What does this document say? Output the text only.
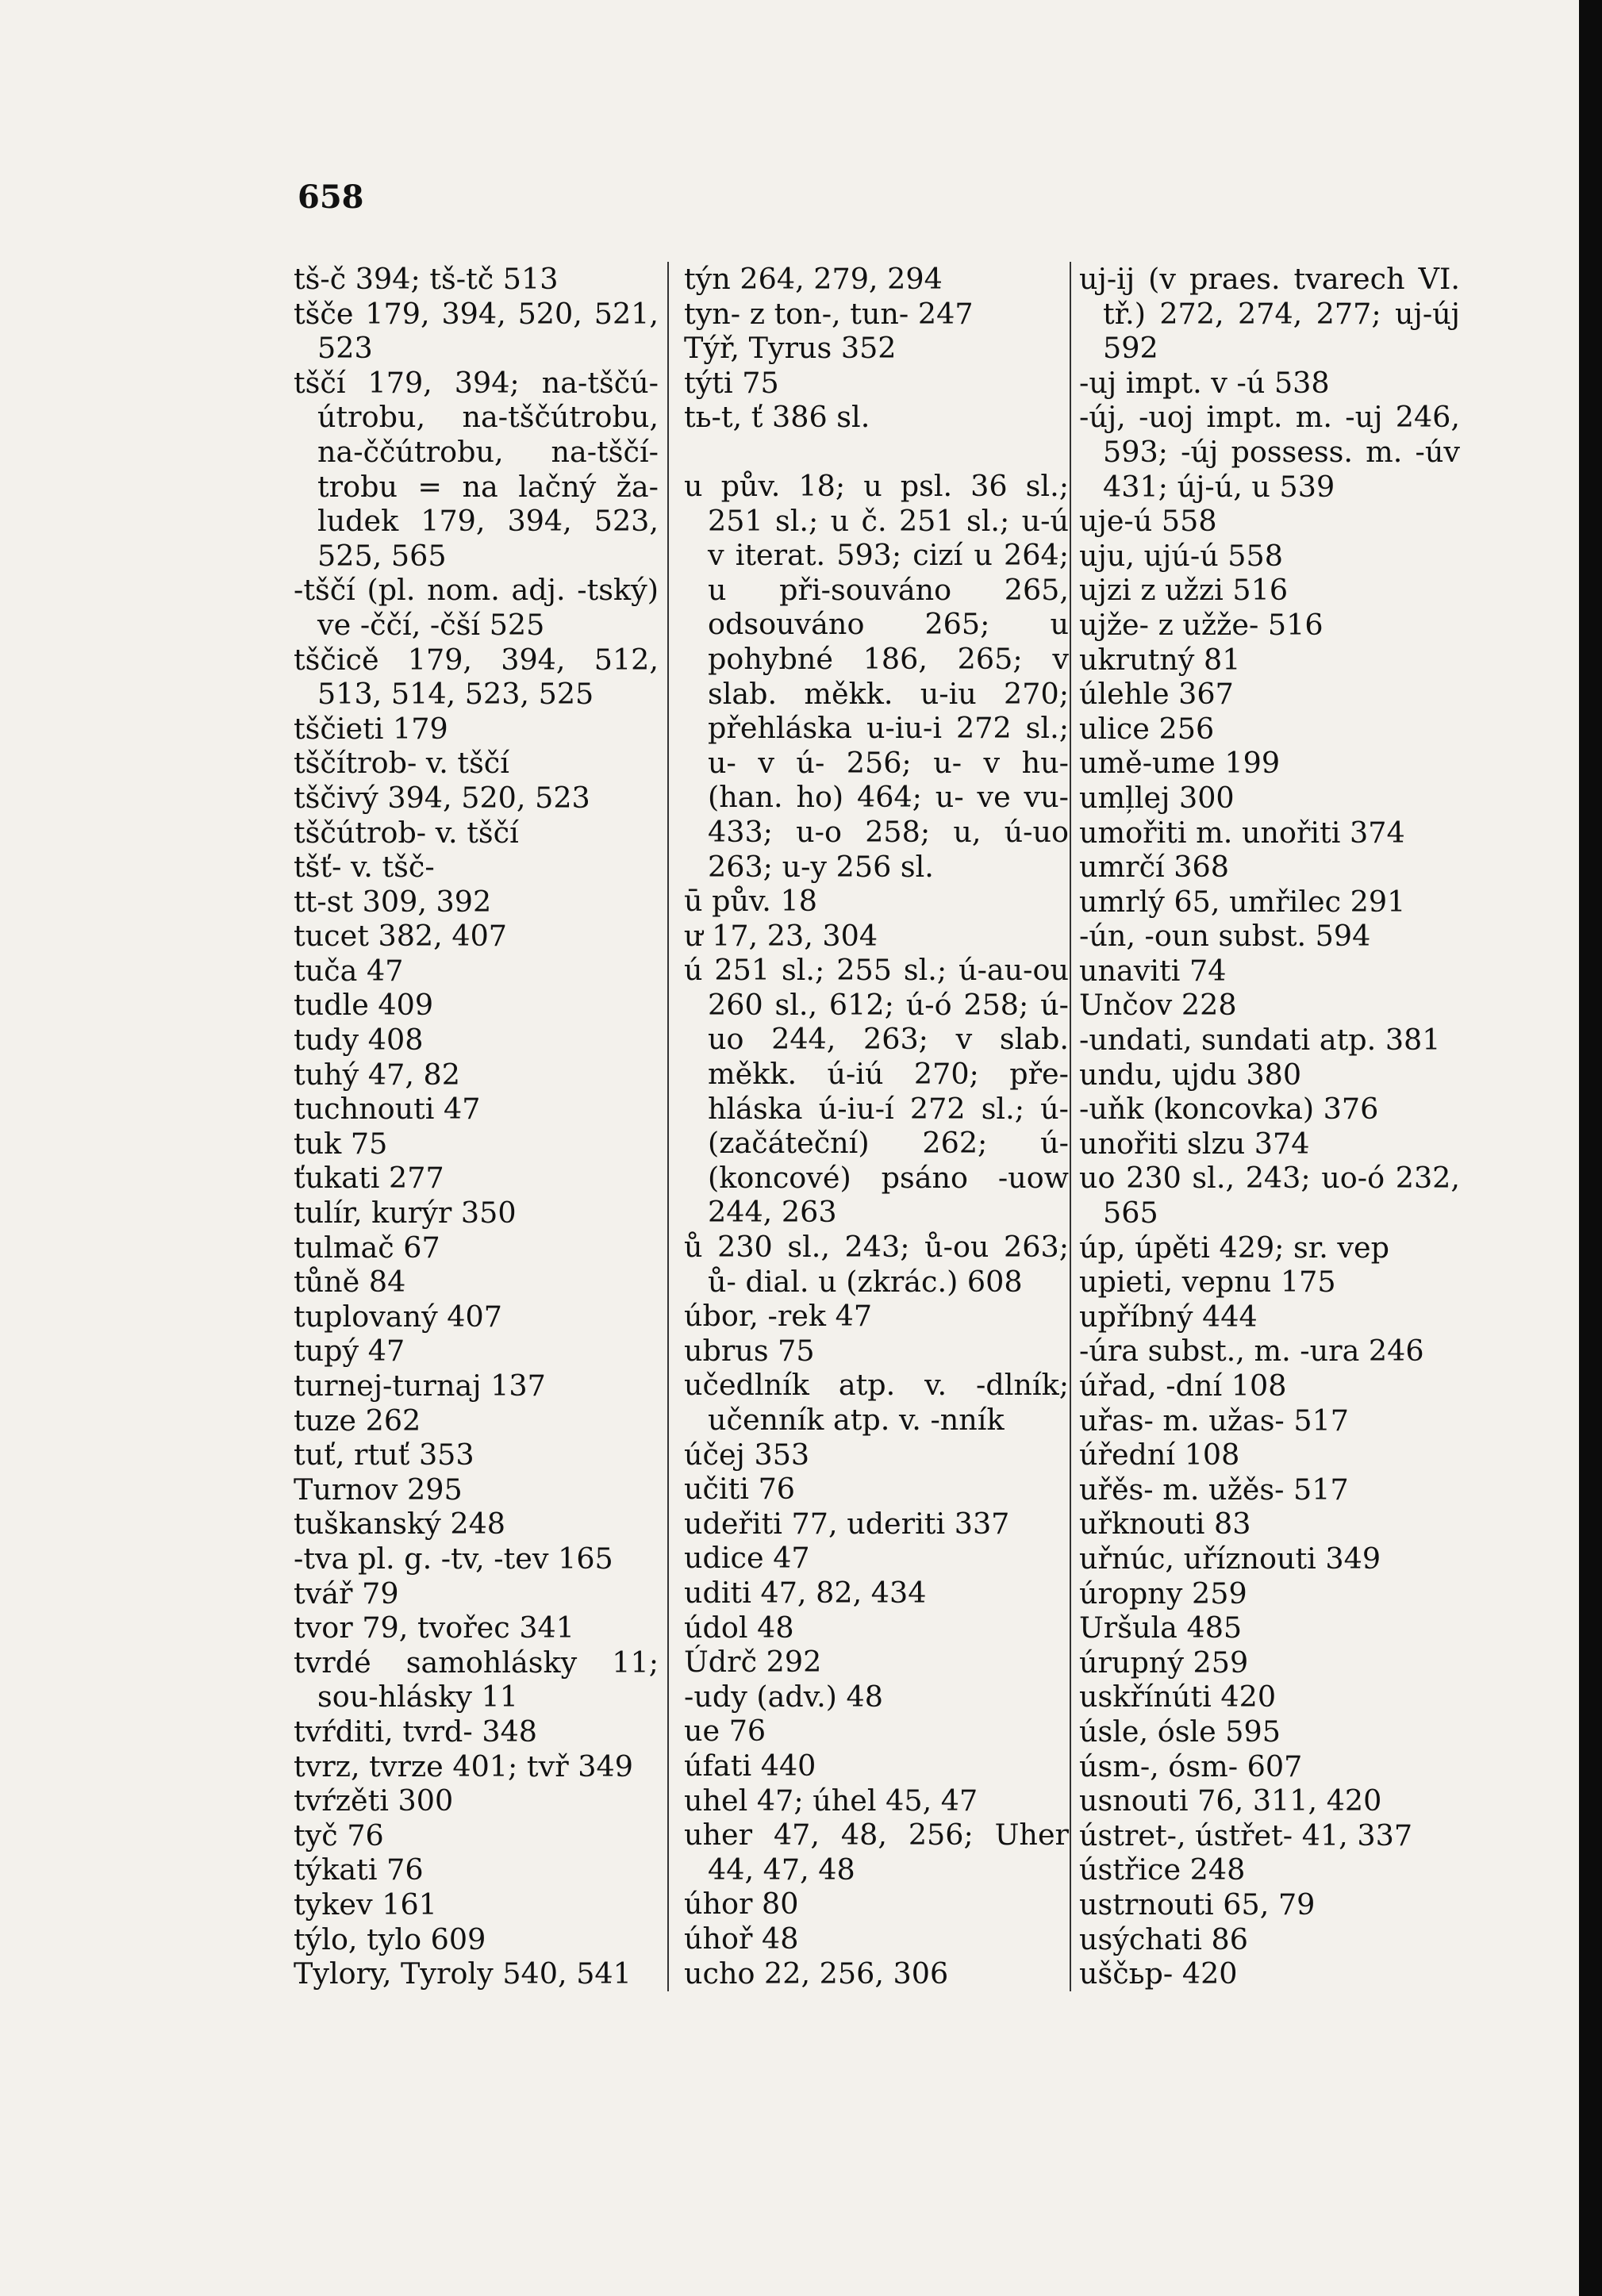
658

tš-č 394; tš-tč 513

tšče 179, 394, 520, 521, 523

tščí 179, 394; na-tščú-útrobu, na-tščútrobu, na-ččútrobu, na-tščí-trobu = na lačný ža-ludek 179, 394, 523, 525, 565

-tščí (pl. nom. adj. -tský) ve -ččí, -čší 525

tščicě 179, 394, 512, 513, 514, 523, 525

tščieti 179

tščítrob- v. tščí

tščivý 394, 520, 523

tščútrob- v. tščí

tšť- v. tšč-

tt-st 309, 392

tucet 382, 407

tuča 47

tudle 409

tudy 408

tuhý 47, 82

tuchnouti 47

tuk 75

ťukati 277

tulír, kurýr 350

tulmač 67

tůně 84

tuplovaný 407

tupý 47

turnej-turnaj 137

tuze 262

tuť, rtuť 353

Turnov 295

tuškanský 248

-tva pl. g. -tv, -tev 165

tvář 79

tvor 79, tvořec 341

tvrdé samohlásky 11; sou-hlásky 11

tvŕditi, tvrd- 348

tvrz, tvrze 401; tvř 349

tvŕzěti 300

tyč 76

týkati 76

tykev 161

týlo, tylo 609

Tylory, Tyroly 540, 541

týn 264, 279, 294

tyn- z ton-, tun- 247

Týř, Tyrus 352

týti 75

tь-t, ť 386 sl.

u pův. 18; u psl. 36 sl.; 251 sl.; u č. 251 sl.; u-ú v iterat. 593; cizí u 264; u při-souváno 265, odsouváno 265; u pohybné 186, 265; v slab. měkk. u-iu 270; přehláska u-iu-i 272 sl.; u- v ú- 256; u- v hu- (han. ho) 464; u- ve vu- 433; u-o 258; u, ú-uo 263; u-y 256 sl.

ū pův. 18

ư 17, 23, 304

ú 251 sl.; 255 sl.; ú-au-ou 260 sl., 612; ú-ó 258; ú-uo 244, 263; v slab. měkk. ú-iú 270; pře-hláska ú-iu-í 272 sl.; ú- (začáteční) 262; ú- (koncové) psáno -uow 244, 263

ů 230 sl., 243; ů-ou 263; ů- dial. u (zkrác.) 608

úbor, -rek 47

ubrus 75

učedlník atp. v. -dlník; učenník atp. v. -nník

účej 353

učiti 76

udeřiti 77, uderiti 337

udice 47

uditi 47, 82, 434

údol 48

Údrč 292

-udy (adv.) 48

ue 76

úfati 440

uhel 47; úhel 45, 47

uher 47, 48, 256; Uher 44, 47, 48

úhor 80

úhoř 48

ucho 22, 256, 306

uj-ij (v praes. tvarech VI. tř.) 272, 274, 277; uj-új 592

-uj impt. v -ú 538

-új, -uoj impt. m. -uj 246, 593; -új possess. m. -úv 431; új-ú, u 539

uje-ú 558

uju, ujú-ú 558

ujzi z užzi 516

ujže- z užže- 516

ukrutný 81

úlehle 367

ulice 256

umě-ume 199

umļlej 300

umořiti m. unořiti 374

umrčí 368

umrlý 65, umřilec 291

-ún, -oun subst. 594

unaviti 74

Unčov 228

-undati, sundati atp. 381

undu, ujdu 380

-uňk (koncovka) 376

unořiti slzu 374

uo 230 sl., 243; uo-ó 232, 565

úp, úpěti 429; sr. vep

upieti, vepnu 175

upříbný 444

-úra subst., m. -ura 246

úřad, -dní 108

uřas- m. užas- 517

úřední 108

uřěs- m. užěs- 517

uřknouti 83

uřnúc, uříznouti 349

úropny 259

Uršula 485

úrupný 259

uskřínúti 420

úsle, ósle 595

úsm-, ósm- 607

usnouti 76, 311, 420

ústret-, ústřet- 41, 337

ústřice 248

ustrnouti 65, 79

usýchati 86

uščьp- 420
